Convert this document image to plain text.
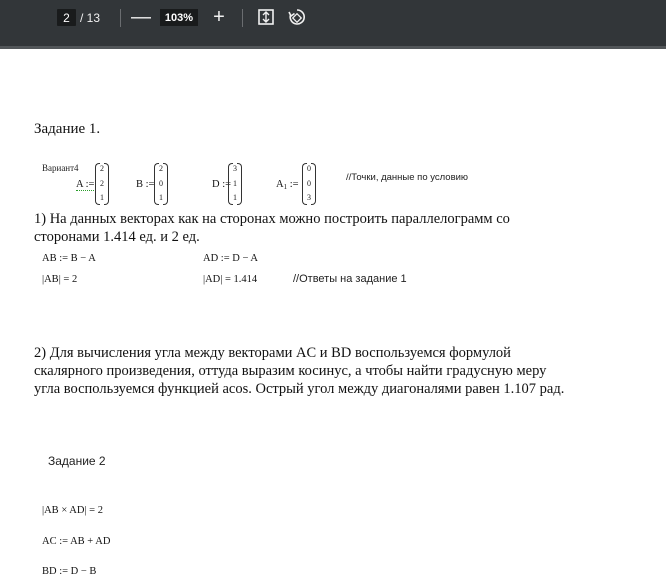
2 / 13 —	103% +
Задание 1.
Вариант4
A :=
2
2
1
B :=
2
0
1
D :=
3
1
1
$A_1$ :=
0
0
3
//Точки, данные по условию
1) На данных векторах как на сторонах можно построить параллелограмм со
сторонами 1.414 ед. и 2 ед.
AB := B − A	AD := D − A
|AB| = 2	|AD| = 1.414	//Ответы на задание 1
2) Для вычисления угла между векторами AC и BD воспользуемся формулой
скалярного произведения, оттуда выразим косинус, а чтобы найти градусную меру
угла воспользуемся функцией acos. Острый угол между диагоналями равен 1.107 рад.
Задание 2
|AB × AD| = 2
AC := AB + AD
BD := D − B
